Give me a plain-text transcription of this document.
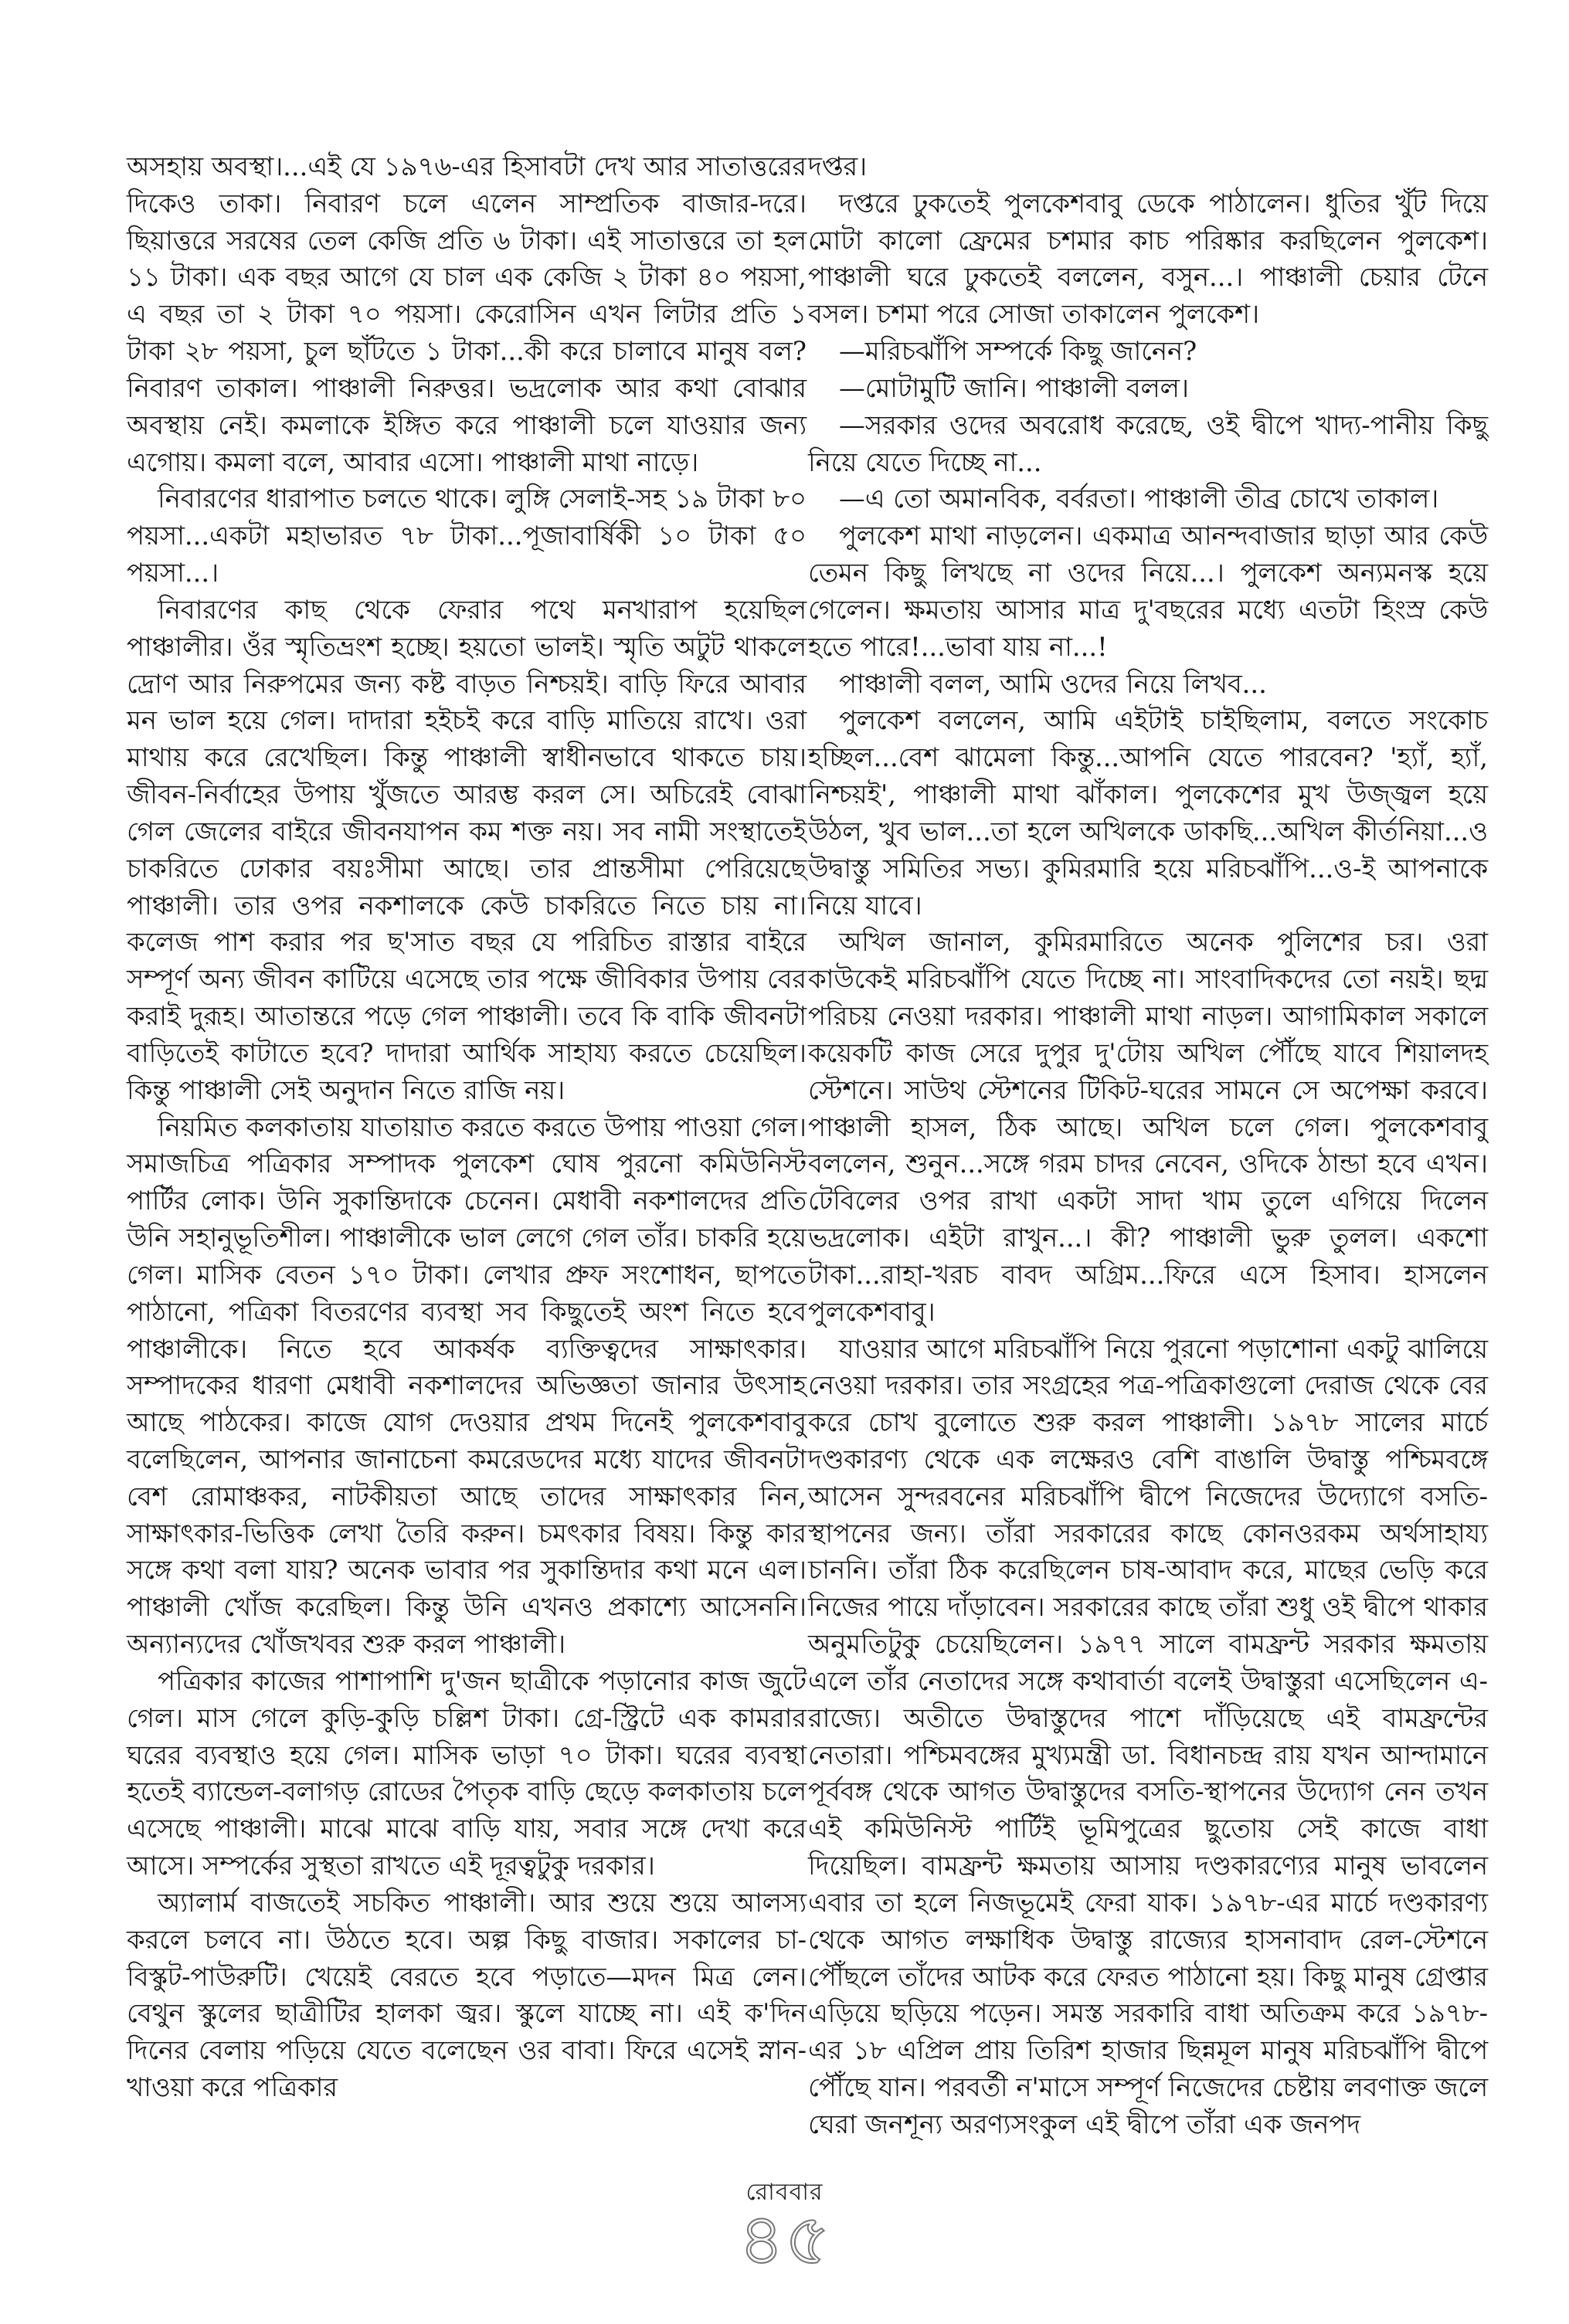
অসহায় অবস্থা।...এই যে ১৯৭৬-এর হিসাবটা দেখ আর সাতাত্তরের দিকেও তাকা। নিবারণ চলে এলেন সাম্প্রতিক বাজার-দরে। ছিয়াত্তরে সরষের তেল কেজি প্রতি ৬ টাকা। এই সাতাত্তরে তা হল ১১ টাকা। এক বছর আগে যে চাল এক কেজি ২ টাকা ৪০ পয়সা, এ বছর তা ২ টাকা ৭০ পয়সা। কেরোসিন এখন লিটার প্রতি ১ টাকা ২৮ পয়সা, চুল ছাঁটতে ১ টাকা...কী করে চালাবে মানুষ বল? নিবারণ তাকাল। পাঞ্চালী নিরুত্তর। ভদ্রলোক আর কথা বোঝার অবস্থায় নেই। কমলাকে ইঙ্গিত করে পাঞ্চালী চলে যাওয়ার জন্য এগোয়। কমলা বলে, আবার এসো। পাঞ্চালী মাথা নাড়ে।

নিবারণের ধারাপাত চলতে থাকে। লুঙ্গি সেলাই-সহ ১৯ টাকা ৮০ পয়সা...একটা মহাভারত ৭৮ টাকা...পূজাবার্ষিকী ১০ টাকা ৫০ পয়সা...।

নিবারণের কাছ থেকে ফেরার পথে মনখারাপ হয়েছিল পাঞ্চালীর। ওঁর স্মৃতিভ্রংশ হচ্ছে। হয়তো ভালই। স্মৃতি অটুট থাকলে দ্রোণ আর নিরুপমের জন্য কষ্ট বাড়ত নিশ্চয়ই। বাড়ি ফিরে আবার মন ভাল হয়ে গেল। দাদারা হইচই করে বাড়ি মাতিয়ে রাখে। ওরা মাথায় করে রেখেছিল। কিন্তু পাঞ্চালী স্বাধীনভাবে থাকতে চায়। জীবন-নির্বাহের উপায় খুঁজতে আরম্ভ করল সে। অচিরেই বোঝা গেল জেলের বাইরে জীবনযাপন কম শক্ত নয়। সব নামী সংস্থাতেই চাকরিতে ঢোকার বয়ঃসীমা আছে। তার প্রান্তসীমা পেরিয়েছে পাঞ্চালী। তার ওপর নকশালকে কেউ চাকরিতে নিতে চায় না। কলেজ পাশ করার পর ছ'সাত বছর যে পরিচিত রাস্তার বাইরে সম্পূর্ণ অন্য জীবন কাটিয়ে এসেছে তার পক্ষে জীবিকার উপায় বের করাই দুরূহ। আতান্তরে পড়ে গেল পাঞ্চালী। তবে কি বাকি জীবনটা বাড়িতেই কাটাতে হবে? দাদারা আর্থিক সাহায্য করতে চেয়েছিল। কিন্তু পাঞ্চালী সেই অনুদান নিতে রাজি নয়।

নিয়মিত কলকাতায় যাতায়াত করতে করতে উপায় পাওয়া গেল। সমাজচিত্র পত্রিকার সম্পাদক পুলকেশ ঘোষ পুরনো কমিউনিস্ট পার্টির লোক। উনি সুকান্তিদাকে চেনেন। মেধাবী নকশালদের প্রতি উনি সহানুভূতিশীল। পাঞ্চালীকে ভাল লেগে গেল তাঁর। চাকরি হয়ে গেল। মাসিক বেতন ১৭০ টাকা। লেখার প্রুফ সংশোধন, ছাপতে পাঠানো, পত্রিকা বিতরণের ব্যবস্থা সব কিছুতেই অংশ নিতে হবে পাঞ্চালীকে। নিতে হবে আকর্ষক ব্যক্তিত্বদের সাক্ষাৎকার। সম্পাদকের ধারণা মেধাবী নকশালদের অভিজ্ঞতা জানার উৎসাহ আছে পাঠকের। কাজে যোগ দেওয়ার প্রথম দিনেই পুলকেশবাবু বলেছিলেন, আপনার জানাচেনা কমরেডদের মধ্যে যাদের জীবনটা বেশ রোমাঞ্চকর, নাটকীয়তা আছে তাদের সাক্ষাৎকার নিন, সাক্ষাৎকার-ভিত্তিক লেখা তৈরি করুন। চমৎকার বিষয়। কিন্তু কার সঙ্গে কথা বলা যায়? অনেক ভাবার পর সুকান্তিদার কথা মনে এল। পাঞ্চালী খোঁজ করেছিল। কিন্তু উনি এখনও প্রকাশ্যে আসেননি। অন্যান্যদের খোঁজখবর শুরু করল পাঞ্চালী।

পত্রিকার কাজের পাশাপাশি দু'জন ছাত্রীকে পড়ানোর কাজ জুটে গেল। মাস গেলে কুড়ি-কুড়ি চল্লিশ টাকা। গ্রে-স্ট্রিটে এক কামরার ঘরের ব্যবস্থাও হয়ে গেল। মাসিক ভাড়া ৭০ টাকা। ঘরের ব্যবস্থা হতেই ব্যান্ডেল-বলাগড় রোডের পৈতৃক বাড়ি ছেড়ে কলকাতায় চলে এসেছে পাঞ্চালী। মাঝে মাঝে বাড়ি যায়, সবার সঙ্গে দেখা করে আসে। সম্পর্কের সুস্থতা রাখতে এই দূরত্বটুকু দরকার।

অ্যালার্ম বাজতেই সচকিত পাঞ্চালী। আর শুয়ে শুয়ে আলস্য করলে চলবে না। উঠতে হবে। অল্প কিছু বাজার। সকালের চা-বিস্কুট-পাউরুটি। খেয়েই বেরতে হবে পড়াতে—মদন মিত্র লেন। বেথুন স্কুলের ছাত্রীটির হালকা জ্বর। স্কুলে যাচ্ছে না। এই ক'দিন দিনের বেলায় পড়িয়ে যেতে বলেছেন ওর বাবা। ফিরে এসেই স্নান-খাওয়া করে পত্রিকার

দপ্তর।

দপ্তরে ঢুকতেই পুলকেশবাবু ডেকে পাঠালেন। ধুতির খুঁট দিয়ে মোটা কালো ফ্রেমের চশমার কাচ পরিষ্কার করছিলেন পুলকেশ। পাঞ্চালী ঘরে ঢুকতেই বললেন, বসুন...। পাঞ্চালী চেয়ার টেনে বসল। চশমা পরে সোজা তাকালেন পুলকেশ।

—মরিচঝাঁপি সম্পর্কে কিছু জানেন?

—মোটামুটি জানি। পাঞ্চালী বলল।

—সরকার ওদের অবরোধ করেছে, ওই দ্বীপে খাদ্য-পানীয় কিছু নিয়ে যেতে দিচ্ছে না...

—এ তো অমানবিক, বর্বরতা। পাঞ্চালী তীব্র চোখে তাকাল।

পুলকেশ মাথা নাড়লেন। একমাত্র আনন্দবাজার ছাড়া আর কেউ তেমন কিছু লিখছে না ওদের নিয়ে...। পুলকেশ অন্যমনস্ক হয়ে গেলেন। ক্ষমতায় আসার মাত্র দু'বছরের মধ্যে এতটা হিংস্র কেউ হতে পারে!...ভাবা যায় না...!

পাঞ্চালী বলল, আমি ওদের নিয়ে লিখব...

পুলকেশ বললেন, আমি এইটাই চাইছিলাম, বলতে সংকোচ হচ্ছিল...বেশ ঝামেলা কিন্তু...আপনি যেতে পারবেন? 'হ্যাঁ, হ্যাঁ, নিশ্চয়ই', পাঞ্চালী মাথা ঝাঁকাল। পুলকেশের মুখ উজ্জ্বল হয়ে উঠল, খুব ভাল...তা হলে অখিলকে ডাকছি...অখিল কীর্তনিয়া...ও উদ্বাস্তু সমিতির সভ্য। কুমিরমারি হয়ে মরিচঝাঁপি...ও-ই আপনাকে নিয়ে যাবে।

অখিল জানাল, কুমিরমারিতে অনেক পুলিশের চর। ওরা কাউকেই মরিচঝাঁপি যেতে দিচ্ছে না। সাংবাদিকদের তো নয়ই। ছদ্ম পরিচয় নেওয়া দরকার। পাঞ্চালী মাথা নাড়ল। আগামিকাল সকালে কয়েকটি কাজ সেরে দুপুর দু'টোয় অখিল পৌঁছে যাবে শিয়ালদহ স্টেশনে। সাউথ স্টেশনের টিকিট-ঘরের সামনে সে অপেক্ষা করবে। পাঞ্চালী হাসল, ঠিক আছে। অখিল চলে গেল। পুলকেশবাবু বললেন, শুনুন...সঙ্গে গরম চাদর নেবেন, ওদিকে ঠান্ডা হবে এখন। টেবিলের ওপর রাখা একটা সাদা খাম তুলে এগিয়ে দিলেন ভদ্রলোক। এইটা রাখুন...। কী? পাঞ্চালী ভুরু তুলল। একশো টাকা...রাহা-খরচ বাবদ অগ্রিম...ফিরে এসে হিসাব। হাসলেন পুলকেশবাবু।

যাওয়ার আগে মরিচঝাঁপি নিয়ে পুরনো পড়াশোনা একটু ঝালিয়ে নেওয়া দরকার। তার সংগ্রহের পত্র-পত্রিকাগুলো দেরাজ থেকে বের করে চোখ বুলোতে শুরু করল পাঞ্চালী। ১৯৭৮ সালের মার্চে দণ্ডকারণ্য থেকে এক লক্ষেরও বেশি বাঙালি উদ্বাস্তু পশ্চিমবঙ্গে আসেন সুন্দরবনের মরিচঝাঁপি দ্বীপে নিজেদের উদ্যোগে বসতি-স্থাপনের জন্য। তাঁরা সরকারের কাছে কোনওরকম অর্থসাহায্য চাননি। তাঁরা ঠিক করেছিলেন চাষ-আবাদ করে, মাছের ভেড়ি করে নিজের পায়ে দাঁড়াবেন। সরকারের কাছে তাঁরা শুধু ওই দ্বীপে থাকার অনুমতিটুকু চেয়েছিলেন। ১৯৭৭ সালে বামফ্রন্ট সরকার ক্ষমতায় এলে তাঁর নেতাদের সঙ্গে কথাবার্তা বলেই উদ্বাস্তুরা এসেছিলেন এ-রাজ্যে। অতীতে উদ্বাস্তুদের পাশে দাঁড়িয়েছে এই বামফ্রন্টের নেতারা। পশ্চিমবঙ্গের মুখ্যমন্ত্রী ডা. বিধানচন্দ্র রায় যখন আন্দামানে পূর্ববঙ্গ থেকে আগত উদ্বাস্তুদের বসতি-স্থাপনের উদ্যোগ নেন তখন এই কমিউনিস্ট পার্টিই ভূমিপুত্রের ছুতোয় সেই কাজে বাধা দিয়েছিল। বামফ্রন্ট ক্ষমতায় আসায় দণ্ডকারণ্যের মানুষ ভাবলেন এবার তা হলে নিজভূমেই ফেরা যাক। ১৯৭৮-এর মার্চে দণ্ডকারণ্য থেকে আগত লক্ষাধিক উদ্বাস্তু রাজ্যের হাসনাবাদ রেল-স্টেশনে পৌঁছলে তাঁদের আটক করে ফেরত পাঠানো হয়। কিছু মানুষ গ্রেপ্তার এড়িয়ে ছড়িয়ে পড়েন। সমস্ত সরকারি বাধা অতিক্রম করে ১৯৭৮-এর ১৮ এপ্রিল প্রায় তিরিশ হাজার ছিন্নমূল মানুষ মরিচঝাঁপি দ্বীপে পৌঁছে যান। পরবর্তী ন'মাসে সম্পূর্ণ নিজেদের চেষ্টায় লবণাক্ত জলে ঘেরা জনশূন্য অরণ্যসংকুল এই দ্বীপে তাঁরা এক জনপদ

রোববার
৪৫
